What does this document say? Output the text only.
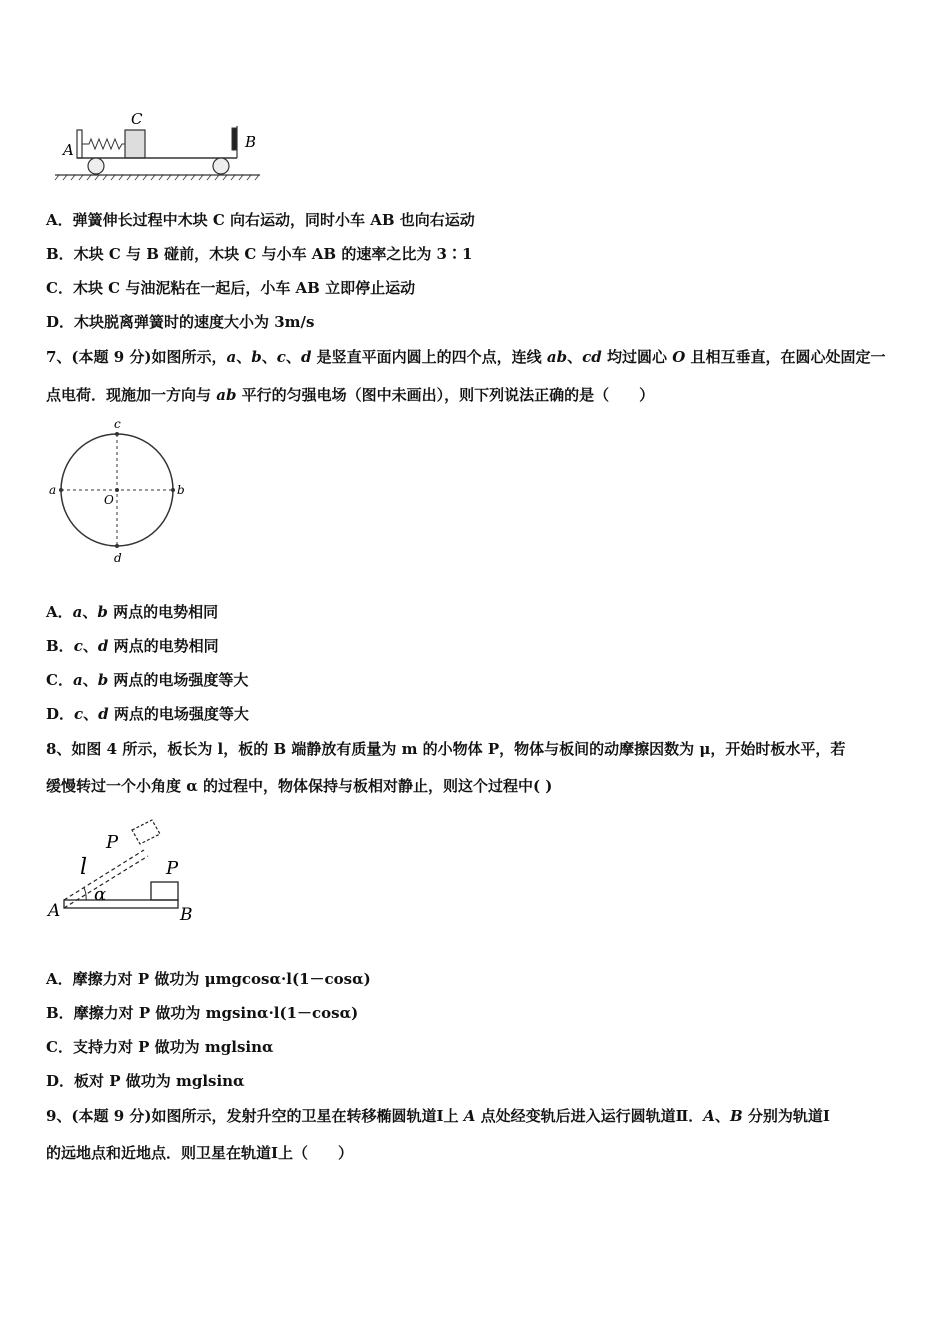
C
A	B
A．弹簧伸长过程中木块 C 向右运动，同时小车 AB 也向右运动
B．木块 C 与 B 碰前，木块 C 与小车 AB 的速率之比为 3∶1
C．木块 C 与油泥粘在一起后，小车 AB 立即停止运动
D．木块脱离弹簧时的速度大小为 3m/s
7、(本题 9 分)如图所示，a、b、c、d 是竖直平面内圆上的四个点，连线 ab、cd 均过圆心 O 且相互垂直，在圆心处固定一
点电荷．现施加一方向与 ab 平行的匀强电场（图中未画出），则下列说法正确的是（　　）
c
a	b
O
d
A．a、b 两点的电势相同
B．c、d 两点的电势相同
C．a、b 两点的电场强度等大
D．c、d 两点的电场强度等大
8、如图 4 所示，板长为 l，板的 B 端静放有质量为 m 的小物体 P，物体与板间的动摩擦因数为 μ，开始时板水平，若
缓慢转过一个小角度 α 的过程中，物体保持与板相对静止，则这个过程中( )
P
l	P
α
A	B
A．摩擦力对 P 做功为 μmgcosα·l(1－cosα)
B．摩擦力对 P 做功为 mgsinα·l(1－cosα)
C．支持力对 P 做功为 mglsinα
D．板对 P 做功为 mglsinα
9、(本题 9 分)如图所示，发射升空的卫星在转移椭圆轨道Ⅰ上 A 点处经变轨后进入运行圆轨道Ⅱ．A、B 分别为轨道Ⅰ
的远地点和近地点．则卫星在轨道Ⅰ上（　　）
